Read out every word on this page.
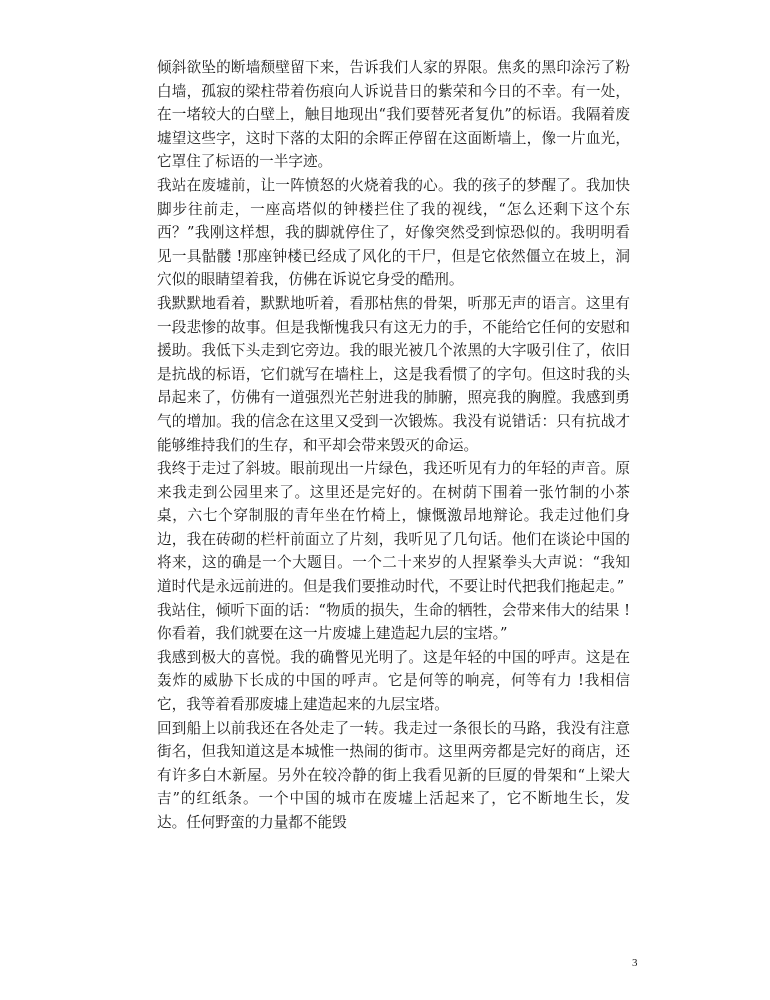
倾斜欲坠的断墙颓壁留下来，告诉我们人家的界限。焦炙的黑印涂污了粉白墙，孤寂的梁柱带着伤痕向人诉说昔日的紫荣和今日的不幸。有一处，在一堵较大的白壁上，触目地现出“我们要替死者复仇”的标语。我隔着废墟望这些字，这时下落的太阳的余晖正停留在这面断墙上，像一片血光，它罩住了标语的一半字迹。

我站在废墟前，让一阵愤怒的火烧着我的心。我的孩子的梦醒了。我加快脚步往前走，一座高塔似的钟楼拦住了我的视线，“怎么还剩下这个东西？”我刚这样想，我的脚就停住了，好像突然受到惊恐似的。我明明看见一具骷髅 !那座钟楼已经成了风化的干尸，但是它依然僵立在坡上，洞穴似的眼睛望着我，仿佛在诉说它身受的酷刑。

我默默地看着，默默地听着，看那枯焦的骨架，听那无声的语言。这里有一段悲惨的故事。但是我惭愧我只有这无力的手，不能给它任何的安慰和援助。我低下头走到它旁边。我的眼光被几个浓黑的大字吸引住了，依旧是抗战的标语，它们就写在墙柱上，这是我看惯了的字句。但这时我的头昂起来了，仿佛有一道强烈光芒射进我的肺腑，照亮我的胸膛。我感到勇气的增加。我的信念在这里又受到一次锻炼。我没有说错话：只有抗战才能够维持我们的生存，和平却会带来毁灭的命运。

我终于走过了斜坡。眼前现出一片绿色，我还听见有力的年轻的声音。原来我走到公园里来了。这里还是完好的。在树荫下围着一张竹制的小茶桌，六七个穿制服的青年坐在竹椅上，慷慨激昂地辩论。我走过他们身边，我在砖砌的栏杆前面立了片刻，我听见了几句话。他们在谈论中国的将来，这的确是一个大题目。一个二十来岁的人捏紧拳头大声说：“我知道时代是永远前进的。但是我们要推动时代，不要让时代把我们拖起走。”

我站住，倾听下面的话：“物质的损失，生命的牺牲，会带来伟大的结果 !你看着，我们就要在这一片废墟上建造起九层的宝塔。”

我感到极大的喜悦。我的确瞥见光明了。这是年轻的中国的呼声。这是在轰炸的威胁下长成的中国的呼声。它是何等的响亮，何等有力 !我相信它，我等着看那废墟上建造起来的九层宝塔。

回到船上以前我还在各处走了一转。我走过一条很长的马路，我没有注意街名，但我知道这是本城惟一热闹的街市。这里两旁都是完好的商店，还有许多白木新屋。另外在较冷静的街上我看见新的巨厦的骨架和“上梁大吉”的红纸条。一个中国的城市在废墟上活起来了，它不断地生长，发达。任何野蛮的力量都不能毁

3
